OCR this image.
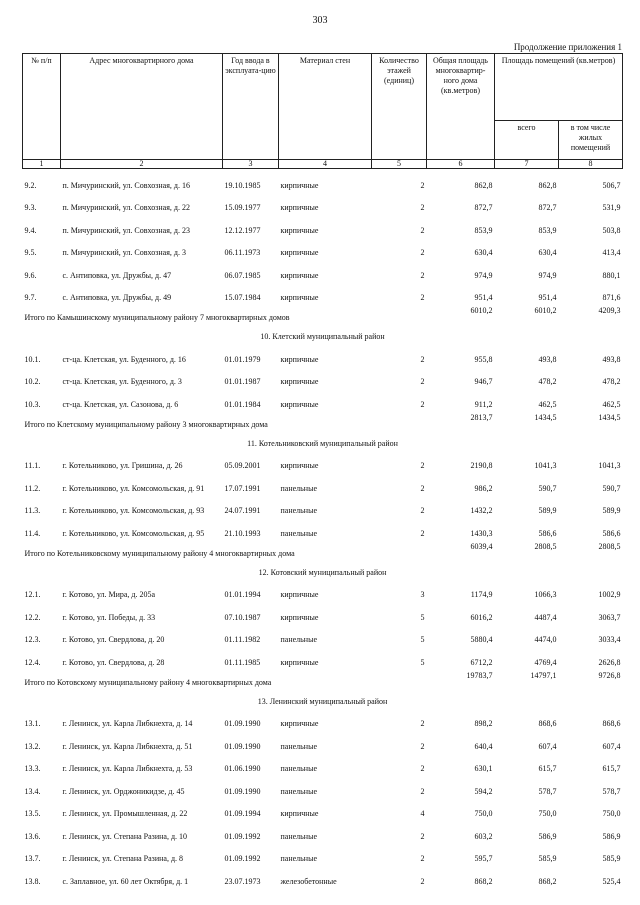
303
Продолжение приложения 1
№ п/п	Адрес многоквартирного дома	Год ввода в эксплуата-цию	Материал стен	Количество этажей (единиц)	Общая площадь многоквартир-ного дома (кв.метров)	Площадь помещений (кв.метров)	
						всего	в том числе жилых помещений
1	2	3	4	5	6	7	8
9.2.	п. Мичуринский, ул. Совхозная, д. 16	19.10.1985	кирпичные	2	862,8	862,8	506,7
9.3.	п. Мичуринский, ул. Совхозная, д. 22	15.09.1977	кирпичные	2	872,7	872,7	531,9
9.4.	п. Мичуринский, ул. Совхозная, д. 23	12.12.1977	кирпичные	2	853,9	853,9	503,8
9.5.	п. Мичуринский, ул. Совхозная, д. 3	06.11.1973	кирпичные	2	630,4	630,4	413,4
9.6.	с. Антиповка, ул. Дружбы, д. 47	06.07.1985	кирпичные	2	974,9	974,9	880,1
9.7.	с. Антиповка, ул. Дружбы, д. 49	15.07.1984	кирпичные	2	951,4	951,4	871,6
Итого по Камышинскому муниципальному району 7 многоквартирных домов					6010,2	6010,2	4209,3
10. Клетский муниципальный район							
10.1.	ст-ца. Клетская, ул. Буденного, д. 16	01.01.1979	кирпичные	2	955,8	493,8	493,8
10.2.	ст-ца. Клетская, ул. Буденного, д. 3	01.01.1987	кирпичные	2	946,7	478,2	478,2
10.3.	ст-ца. Клетская, ул. Сазонова, д. 6	01.01.1984	кирпичные	2	911,2	462,5	462,5
Итого по Клетскому муниципальному району 3 многоквартирных дома					2813,7	1434,5	1434,5
11. Котельниковский муниципальный район							
11.1.	г. Котельниково, ул. Гришина, д. 26	05.09.2001	кирпичные	2	2190,8	1041,3	1041,3
11.2.	г. Котельниково, ул. Комсомольская, д. 91	17.07.1991	панельные	2	986,2	590,7	590,7
11.3.	г. Котельниково, ул. Комсомольская, д. 93	24.07.1991	панельные	2	1432,2	589,9	589,9
11.4.	г. Котельниково, ул. Комсомольская, д. 95	21.10.1993	панельные	2	1430,3	586,6	586,6
Итого по Котельниковскому муниципальному району 4 многоквартирных дома					6039,4	2808,5	2808,5
12. Котовский муниципальный район							
12.1.	г. Котово, ул. Мира, д. 205а	01.01.1994	кирпичные	3	1174,9	1066,3	1002,9
12.2.	г. Котово, ул. Победы, д. 33	07.10.1987	кирпичные	5	6016,2	4487,4	3063,7
12.3.	г. Котово, ул. Свердлова, д. 20	01.11.1982	панельные	5	5880,4	4474,0	3033,4
12.4.	г. Котово, ул. Свердлова, д. 28	01.11.1985	кирпичные	5	6712,2	4769,4	2626,8
Итого по Котовскому муниципальному району 4 многоквартирных дома					19783,7	14797,1	9726,8
13. Ленинский муниципальный район							
13.1.	г. Ленинск, ул. Карла Либкнехта, д. 14	01.09.1990	кирпичные	2	898,2	868,6	868,6
13.2.	г. Ленинск, ул. Карла Либкнехта, д. 51	01.09.1990	панельные	2	640,4	607,4	607,4
13.3.	г. Ленинск, ул. Карла Либкнехта, д. 53	01.06.1990	панельные	2	630,1	615,7	615,7
13.4.	г. Ленинск, ул. Орджоникидзе, д. 45	01.09.1990	панельные	2	594,2	578,7	578,7
13.5.	г. Ленинск, ул. Промышленная, д. 22	01.09.1994	кирпичные	4	750,0	750,0	750,0
13.6.	г. Ленинск, ул. Степана Разина, д. 10	01.09.1992	панельные	2	603,2	586,9	586,9
13.7.	г. Ленинск, ул. Степана Разина, д. 8	01.09.1992	панельные	2	595,7	585,9	585,9
13.8.	с. Заплавное, ул. 60 лет Октября, д. 1	23.07.1973	железобетонные	2	868,2	868,2	525,4
